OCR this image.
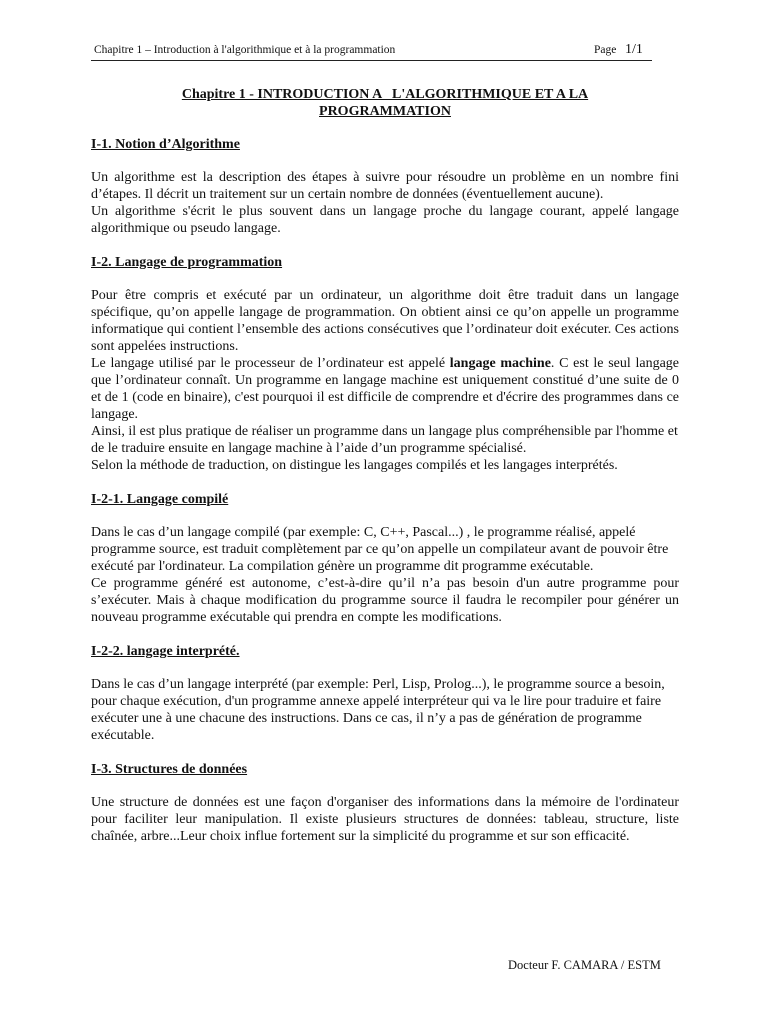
Chapitre 1 – Introduction à l'algorithmique et à la programmation	Page 1/1
Chapitre 1 - INTRODUCTION A   L'ALGORITHMIQUE ET A LA
PROGRAMMATION
I-1. Notion d’Algorithme

Un algorithme est la description des étapes à suivre pour résoudre un problème en un nombre fini d’étapes. Il décrit un traitement sur un certain nombre de données (éventuellement aucune).

Un algorithme s'écrit le plus souvent dans un langage proche du langage courant, appelé langage algorithmique ou pseudo langage.

I-2. Langage de programmation

Pour être compris et exécuté par un ordinateur, un algorithme doit être traduit dans un langage spécifique, qu’on appelle langage de programmation. On obtient ainsi ce qu’on appelle un programme informatique qui contient l’ensemble des actions consécutives que l’ordinateur doit exécuter. Ces actions sont appelées instructions.

Le langage utilisé par le processeur de l’ordinateur est appelé langage machine. C est le seul langage que l’ordinateur connaît. Un programme en langage machine est uniquement constitué d’une suite de 0 et de 1 (code en binaire), c'est pourquoi il est difficile de comprendre et d'écrire des programmes dans ce langage.

Ainsi, il est plus pratique de réaliser un programme dans un langage plus compréhensible par l'homme et de le traduire ensuite en langage machine à l’aide d’un programme spécialisé.

Selon la méthode de traduction, on distingue les langages compilés et les langages interprétés.

I-2-1. Langage compilé

Dans le cas d’un langage compilé (par exemple: C, C++, Pascal...) , le programme réalisé, appelé programme source, est traduit complètement par ce qu’on appelle un compilateur avant de pouvoir être exécuté par l'ordinateur. La compilation génère un programme dit programme exécutable.

Ce programme généré est autonome, c’est-à-dire qu’il n’a pas besoin d'un autre programme pour s’exécuter. Mais à chaque modification du programme source il faudra le recompiler pour générer un nouveau programme exécutable qui prendra en compte les modifications.

I-2-2. langage interprété.

Dans le cas d’un langage interprété (par exemple: Perl, Lisp, Prolog...), le programme source a besoin, pour chaque exécution, d'un programme annexe appelé interpréteur qui va le lire pour traduire et faire exécuter une à une chacune des instructions. Dans ce cas, il n’y a pas de génération de programme exécutable.

I-3. Structures de données

Une structure de données est une façon d'organiser des informations dans la mémoire de l'ordinateur pour faciliter leur manipulation. Il existe plusieurs structures de données: tableau, structure, liste chaînée, arbre...Leur choix influe fortement sur la simplicité du programme et sur son efficacité.

Docteur F. CAMARA / ESTM
